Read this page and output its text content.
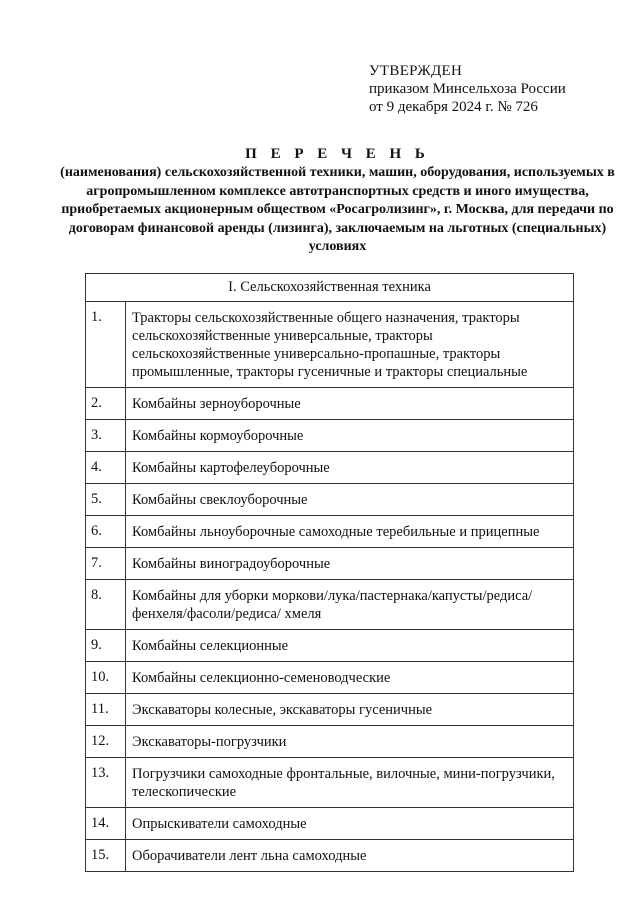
УТВЕРЖДЕН
приказом Минсельхоза России
от 9 декабря 2024 г. № 726
П Е Р Е Ч Е Н Ь
(наименования) сельскохозяйственной техники, машин, оборудования, используемых в агропромышленном комплексе автотранспортных средств и иного имущества, приобретаемых акционерным обществом «Росагролизинг», г. Москва, для передачи по договорам финансовой аренды (лизинга), заключаемым на льготных (специальных) условиях
I. Сельскохозяйственная техника	
1.	Тракторы сельскохозяйственные общего назначения, тракторы сельскохозяйственные универсальные, тракторы сельскохозяйственные универсально-пропашные, тракторы промышленные, тракторы гусеничные и тракторы специальные
2.	Комбайны зерноуборочные
3.	Комбайны кормоуборочные
4.	Комбайны картофелеуборочные
5.	Комбайны свеклоуборочные
6.	Комбайны льноуборочные самоходные теребильные и прицепные
7.	Комбайны виноградоуборочные
8.	Комбайны для уборки моркови/лука/пастернака/капусты/редиса/фенхеля/фасоли/редиса/ хмеля
9.	Комбайны селекционные
10.	Комбайны селекционно-семеноводческие
11.	Экскаваторы колесные, экскаваторы гусеничные
12.	Экскаваторы-погрузчики
13.	Погрузчики самоходные фронтальные, вилочные, мини-погрузчики, телескопические
14.	Опрыскиватели самоходные
15.	Оборачиватели лент льна самоходные
